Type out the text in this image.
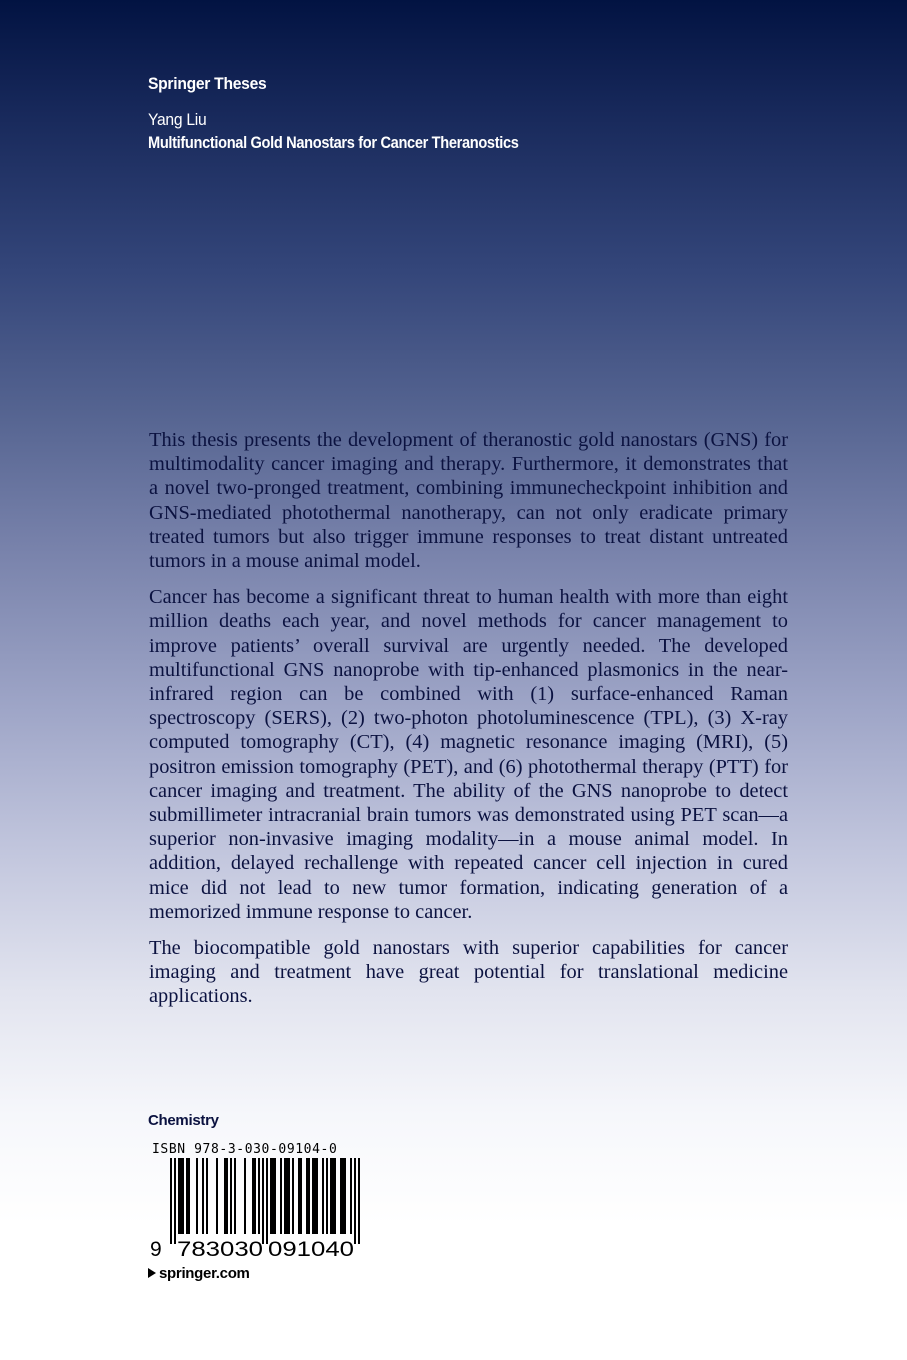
Springer Theses
Yang Liu
Multifunctional Gold Nanostars for Cancer Theranostics

This thesis presents the development of theranostic gold nanostars (GNS) for multimodality cancer imaging and therapy. Furthermore, it demonstrates that a novel two-pronged treatment, combining immunecheckpoint inhibition and GNS-mediated photothermal nanotherapy, can not only eradicate primary treated tumors but also trigger immune responses to treat distant untreated tumors in a mouse animal model.

Cancer has become a significant threat to human health with more than eight million deaths each year, and novel methods for cancer management to improve patients’ overall survival are urgently needed. The developed multifunctional GNS nanoprobe with tip-enhanced plasmonics in the near-infrared region can be combined with (1) surface-enhanced Raman spectroscopy (SERS), (2) two-photon photoluminescence (TPL), (3) X-ray computed tomography (CT), (4) magnetic resonance imaging (MRI), (5) positron emission tomography (PET), and (6) photothermal therapy (PTT) for cancer imaging and treatment. The ability of the GNS nanoprobe to detect submillimeter intracranial brain tumors was demonstrated using PET scan—a superior non-invasive imaging modality—in a mouse animal model. In addition, delayed rechallenge with repeated cancer cell injection in cured mice did not lead to new tumor formation, indicating generation of a memorized immune response to cancer.

The biocompatible gold nanostars with superior capabilities for cancer imaging and treatment have great potential for translational medicine applications.

Chemistry
ISBN 978-3-030-09104-0
9 783030 091040
springer.com
